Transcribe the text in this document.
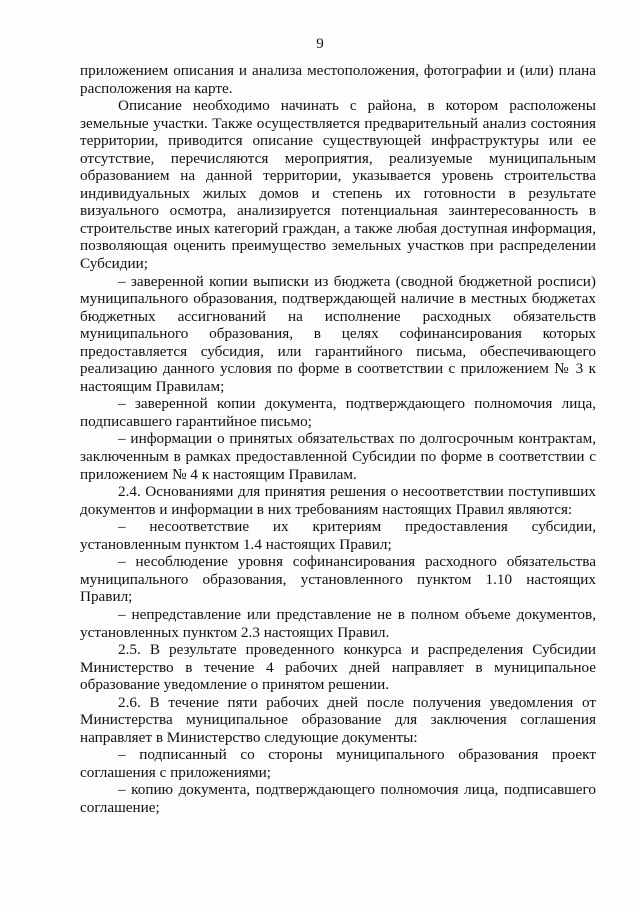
9

приложением описания и анализа местоположения, фотографии и (или) плана расположения на карте.

Описание необходимо начинать с района, в котором расположены земельные участки. Также осуществляется предварительный анализ состояния территории, приводится описание существующей инфраструктуры или ее отсутствие, перечисляются мероприятия, реализуемые муниципальным образованием на данной территории, указывается уровень строительства индивидуальных жилых домов и степень их готовности в результате визуального осмотра, анализируется потенциальная заинтересованность в строительстве иных категорий граждан, а также любая доступная информация, позволяющая оценить преимущество земельных участков при распределении Субсидии;

– заверенной копии выписки из бюджета (сводной бюджетной росписи) муниципального образования, подтверждающей наличие в местных бюджетах бюджетных ассигнований на исполнение расходных обязательств муниципального образования, в целях софинансирования которых предоставляется субсидия, или гарантийного письма, обеспечивающего реализацию данного условия по форме в соответствии с приложением № 3 к настоящим Правилам;

– заверенной копии документа, подтверждающего полномочия лица, подписавшего гарантийное письмо;

– информации о принятых обязательствах по долгосрочным контрактам, заключенным в рамках предоставленной Субсидии по форме в соответствии с приложением № 4 к настоящим Правилам.

2.4. Основаниями для принятия решения о несоответствии поступивших документов и информации в них требованиям настоящих Правил являются:

– несоответствие их критериям предоставления субсидии, установленным пунктом 1.4 настоящих Правил;

– несоблюдение уровня софинансирования расходного обязательства муниципального образования, установленного пунктом 1.10 настоящих Правил;

– непредставление или представление не в полном объеме документов, установленных пунктом 2.3 настоящих Правил.

2.5. В результате проведенного конкурса и распределения Субсидии Министерство в течение 4 рабочих дней направляет в муниципальное образование уведомление о принятом решении.

2.6. В течение пяти рабочих дней после получения уведомления от Министерства муниципальное образование для заключения соглашения направляет в Министерство следующие документы:

– подписанный со стороны муниципального образования проект соглашения с приложениями;

– копию документа, подтверждающего полномочия лица, подписавшего соглашение;
